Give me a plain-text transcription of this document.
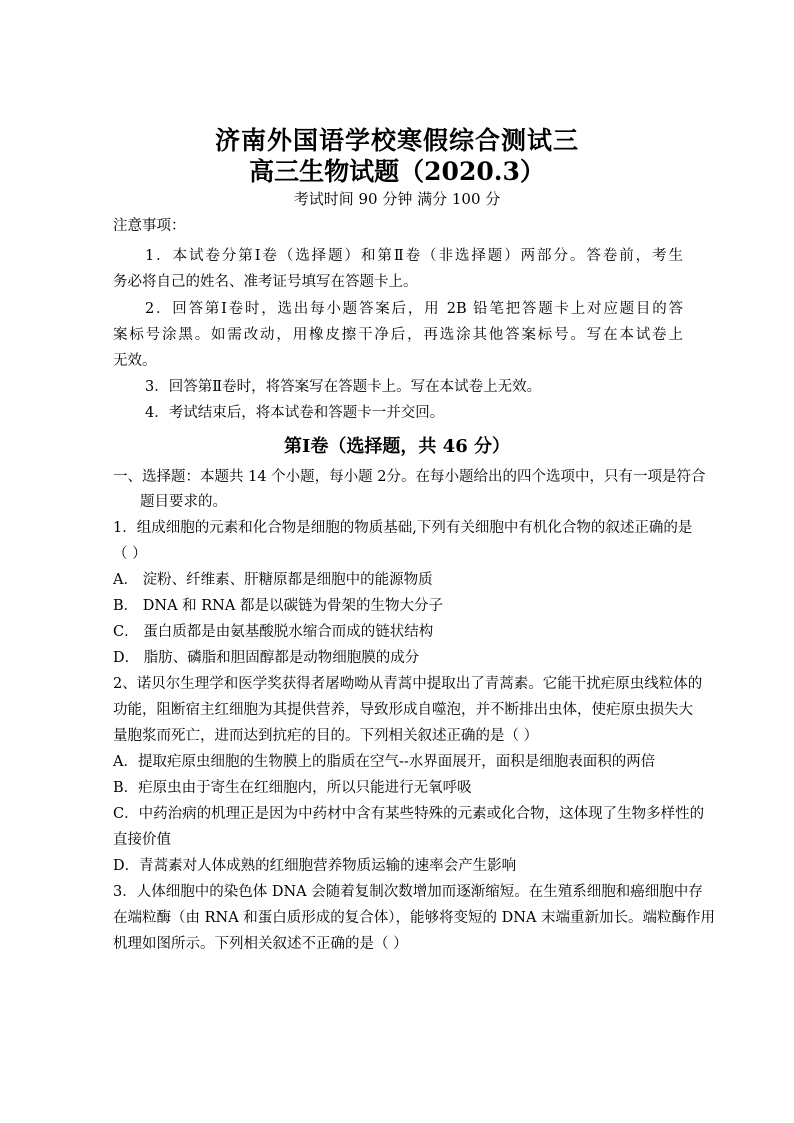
济南外国语学校寒假综合测试三
高三生物试题（2020.3）
考试时间 90 分钟 满分 100 分
注意事项：
1．本试卷分第Ⅰ卷（选择题）和第Ⅱ卷（非选择题）两部分。答卷前，考生
务必将自己的姓名、准考证号填写在答题卡上。
2．回答第Ⅰ卷时，选出每小题答案后，用 2B 铅笔把答题卡上对应题目的答
案标号涂黑。如需改动，用橡皮擦干净后，再选涂其他答案标号。写在本试卷上
无效。
3．回答第Ⅱ卷时，将答案写在答题卡上。写在本试卷上无效。
4．考试结束后，将本试卷和答题卡一并交回。
第Ⅰ卷（选择题，共 46 分）
一、选择题：本题共 14 个小题，每小题 2分。在每小题给出的四个选项中，只有一项是符合
题目要求的。
1．组成细胞的元素和化合物是细胞的物质基础,下列有关细胞中有机化合物的叙述正确的是
（ ）
A． 淀粉、纤维素、肝糖原都是细胞中的能源物质
B． DNA 和 RNA 都是以碳链为骨架的生物大分子
C． 蛋白质都是由氨基酸脱水缩合而成的链状结构
D． 脂肪、磷脂和胆固醇都是动物细胞膜的成分
2、诺贝尔生理学和医学奖获得者屠呦呦从青蒿中提取出了青蒿素。它能干扰疟原虫线粒体的
功能，阻断宿主红细胞为其提供营养，导致形成自噬泡，并不断排出虫体，使疟原虫损失大
量胞浆而死亡，进而达到抗疟的目的。下列相关叙述正确的是（ ）
A．提取疟原虫细胞的生物膜上的脂质在空气--水界面展开，面积是细胞表面积的两倍
B．疟原虫由于寄生在红细胞内，所以只能进行无氧呼吸
C．中药治病的机理正是因为中药材中含有某些特殊的元素或化合物，这体现了生物多样性的
直接价值
D．青蒿素对人体成熟的红细胞营养物质运输的速率会产生影响
3．人体细胞中的染色体 DNA 会随着复制次数增加而逐渐缩短。在生殖系细胞和癌细胞中存
在端粒酶（由 RNA 和蛋白质形成的复合体），能够将变短的 DNA 末端重新加长。端粒酶作用
机理如图所示。下列相关叙述不正确的是（ ）
